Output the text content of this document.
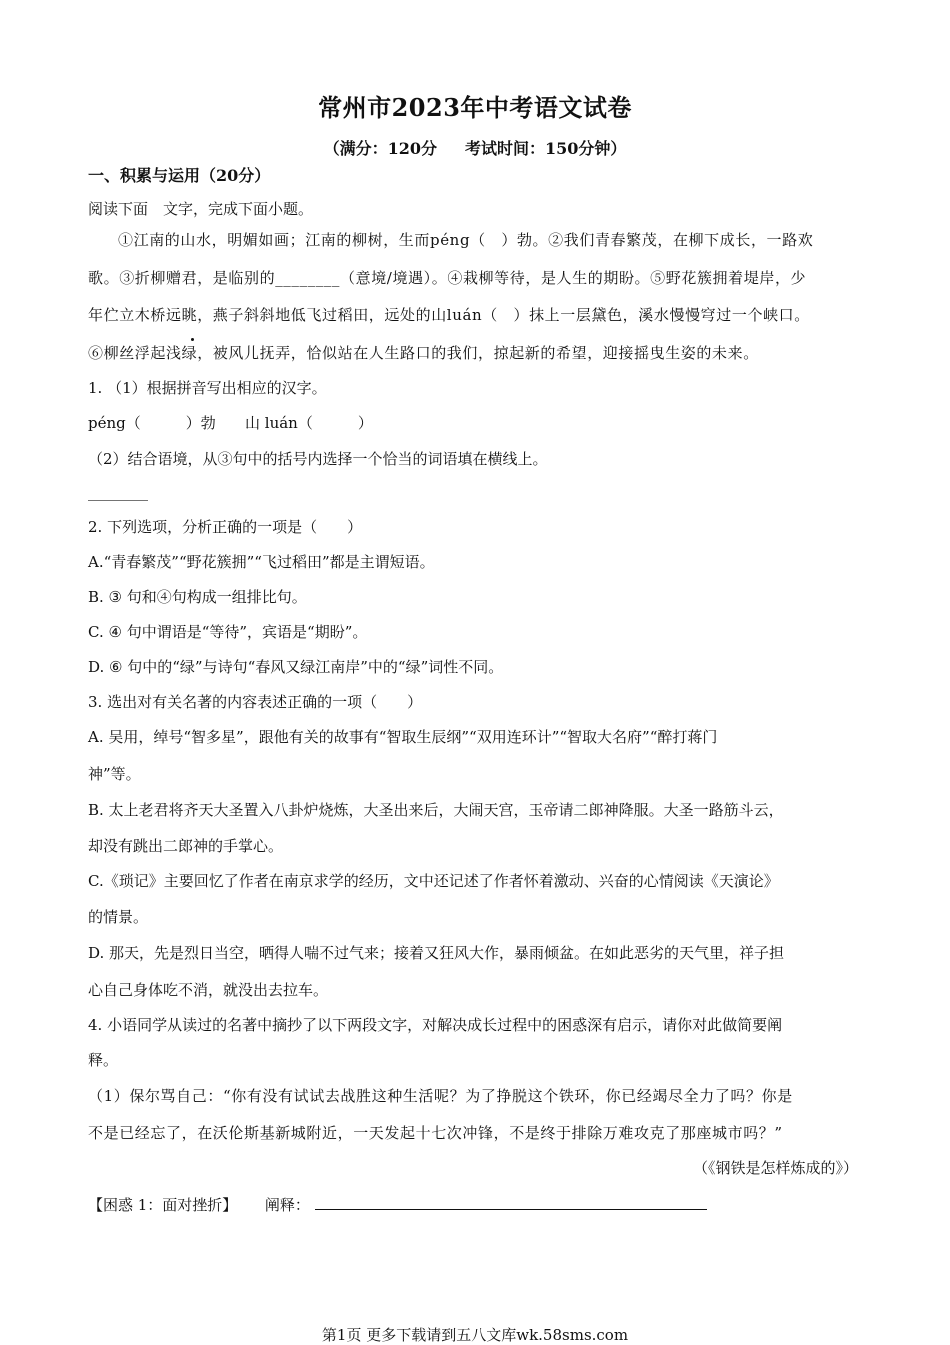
常州市2023年中考语文试卷
（满分：120分 考试时间：150分钟）
一、积累与运用（20分）
阅读下面　文字，完成下面小题。
①江南的山水，明媚如画；江南的柳树，生而péng（　）勃。②我们青春繁茂，在柳下成长，一路欢
歌。③折柳赠君，是临别的________（意境/境遇）。④栽柳等待，是人生的期盼。⑤野花簇拥着堤岸，少
年伫立木桥远眺，燕子斜斜地低飞过稻田，远处的山luán（　）抹上一层黛色，溪水慢慢穹过一个峡口。
⑥柳丝浮起浅绿，被风儿抚弄，恰似站在人生路口的我们，掠起新的希望，迎接摇曳生姿的未来。
1. （1）根据拼音写出相应的汉字。
péng（　　　）勃 山 luán（　　　）
（2）结合语境，从③句中的括号内选择一个恰当的词语填在横线上。
________
2. 下列选项，分析正确的一项是（　　）
A.“青春繁茂”“野花簇拥”“飞过稻田”都是主谓短语。
B. ③ 句和④句构成一组排比句。
C. ④ 句中谓语是“等待”，宾语是“期盼”。
D. ⑥ 句中的“绿”与诗句“春风又绿江南岸”中的“绿”词性不同。
3. 选出对有关名著的内容表述正确的一项（　　）
A. 吴用，绰号“智多星”，跟他有关的故事有“智取生辰纲”“双用连环计”“智取大名府”“醉打蒋门
神”等。
B. 太上老君将齐天大圣置入八卦炉烧炼，大圣出来后，大闹天宫，玉帝请二郎神降服。大圣一路筋斗云，
却没有跳出二郎神的手掌心。
C.《琐记》主要回忆了作者在南京求学的经历，文中还记述了作者怀着激动、兴奋的心情阅读《天演论》
的情景。
D. 那天，先是烈日当空，晒得人喘不过气来；接着又狂风大作，暴雨倾盆。在如此恶劣的天气里，祥子担
心自己身体吃不消，就没出去拉车。
4. 小语同学从读过的名著中摘抄了以下两段文字，对解决成长过程中的困惑深有启示，请你对此做简要阐
释。
（1）保尔骂自己：“你有没有试试去战胜这种生活呢？为了挣脱这个铁环，你已经竭尽全力了吗？你是
不是已经忘了，在沃伦斯基新城附近，一天发起十七次冲锋，不是终于排除万难攻克了那座城市吗？”
（《钢铁是怎样炼成的》）
【困惑 1：面对挫折】 阐释：
第1页 更多下载请到五八文库wk.58sms.com
